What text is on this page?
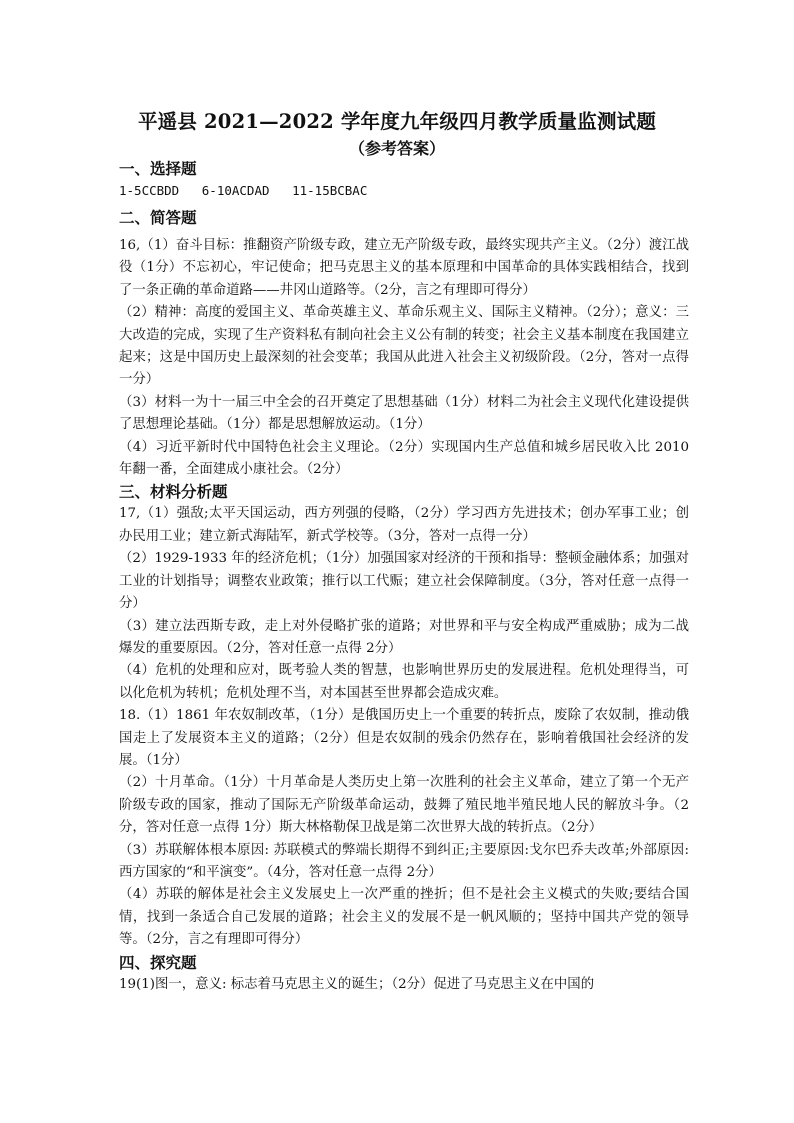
平遥县 2021—2022 学年度九年级四月教学质量监测试题
（参考答案）

一、选择题

1-5CCBDD   6-10ACDAD   11-15BCBAC

二、简答题

16,（1）奋斗目标：推翻资产阶级专政，建立无产阶级专政，最终实现共产主义。（2分）渡江战役（1分）不忘初心，牢记使命；把马克思主义的基本原理和中国革命的具体实践相结合，找到了一条正确的革命道路——井冈山道路等。（2分，言之有理即可得分）

（2）精神：高度的爱国主义、革命英雄主义、革命乐观主义、国际主义精神。（2分）；意义：三大改造的完成，实现了生产资料私有制向社会主义公有制的转变；社会主义基本制度在我国建立起来；这是中国历史上最深刻的社会变革；我国从此进入社会主义初级阶段。（2分，答对一点得一分）

（3）材料一为十一届三中全会的召开奠定了思想基础（1分）材料二为社会主义现代化建设提供了思想理论基础。（1分）都是思想解放运动。（1分）

（4）习近平新时代中国特色社会主义理论。（2分）实现国内生产总值和城乡居民收入比 2010 年翻一番，全面建成小康社会。（2分）

三、材料分析题

17,（1）强敌;太平天国运动，西方列强的侵略，（2分）学习西方先进技术；创办军事工业；创办民用工业；建立新式海陆军，新式学校等。（3分，答对一点得一分）

（2）1929-1933 年的经济危机；（1分）加强国家对经济的干预和指导：整顿金融体系；加强对工业的计划指导；调整农业政策；推行以工代赈；建立社会保障制度。（3分，答对任意一点得一分）

（3）建立法西斯专政，走上对外侵略扩张的道路；对世界和平与安全构成严重威胁；成为二战爆发的重要原因。（2分，答对任意一点得 2分）

（4）危机的处理和应对，既考验人类的智慧，也影响世界历史的发展进程。危机处理得当，可以化危机为转机；危机处理不当，对本国甚至世界都会造成灾难。

18.（1）1861 年农奴制改革，（1分）是俄国历史上一个重要的转折点，废除了农奴制，推动俄国走上了发展资本主义的道路；（2分）但是农奴制的残余仍然存在，影响着俄国社会经济的发展。（1分）

（2）十月革命。（1分）十月革命是人类历史上第一次胜利的社会主义革命，建立了第一个无产阶级专政的国家，推动了国际无产阶级革命运动，鼓舞了殖民地半殖民地人民的解放斗争。（2分，答对任意一点得 1分）斯大林格勒保卫战是第二次世界大战的转折点。（2分）

（3）苏联解体根本原因: 苏联模式的弊端长期得不到纠正;主要原因:戈尔巴乔夫改革;外部原因:西方国家的“和平演变”。（4分，答对任意一点得 2分）

（4）苏联的解体是社会主义发展史上一次严重的挫折；但不是社会主义模式的失败;要结合国情，找到一条适合自己发展的道路；社会主义的发展不是一帆风顺的；坚持中国共产党的领导等。（2分，言之有理即可得分）

四、探究题

19(1)图一，意义: 标志着马克思主义的诞生；（2分）促进了马克思主义在中国的
